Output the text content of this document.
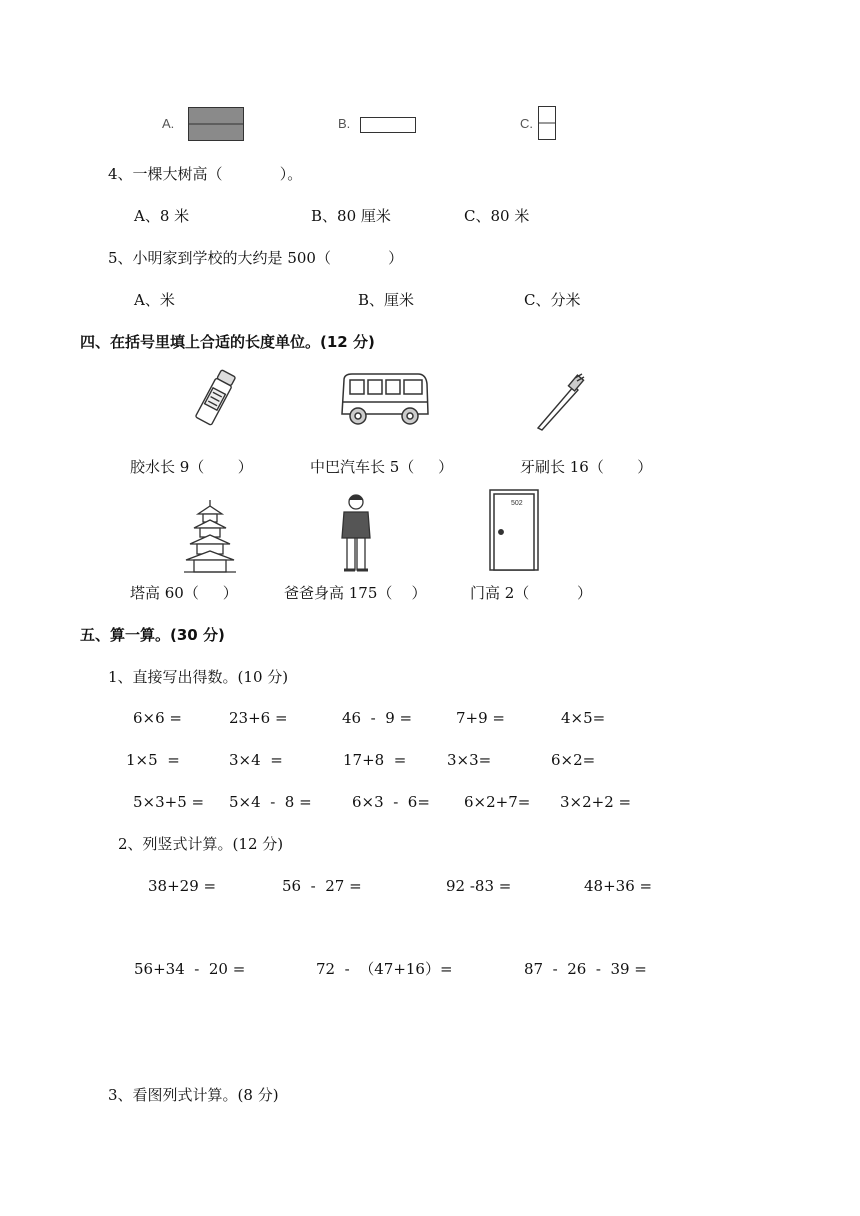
A.	B.	C.
4、一棵大树高（            ）。
A、8 米	B、80 厘米	C、80 米
5、小明家到学校的大约是 500（            ）
A、米	B、厘米	C、分米
四、在括号里填上合适的长度单位。(12 分)
胶水长 9（       ）	中巴汽车长 5（     ）	牙刷长 16（       ）
502
塔高 60（     ）	爸爸身高 175（    ）	门高 2（          ）
五、算一算。(30 分)
1、直接写出得数。(10 分)
6×6 =	23+6 =	46  -  9 =	7+9 =	4×5=
1×5  =	3×4  =	17+8  =	3×3=	6×2=
5×3+5 = 5×4  -  8 =	6×3  -  6= 6×2+7= 3×2+2 =
2、列竖式计算。(12 分)
38+29 =	56  -  27 =	92 -83 =	48+36 =
56+34  -  20 =	72  -  （47+16）=	87  -  26  -  39 =
3、看图列式计算。(8 分)
